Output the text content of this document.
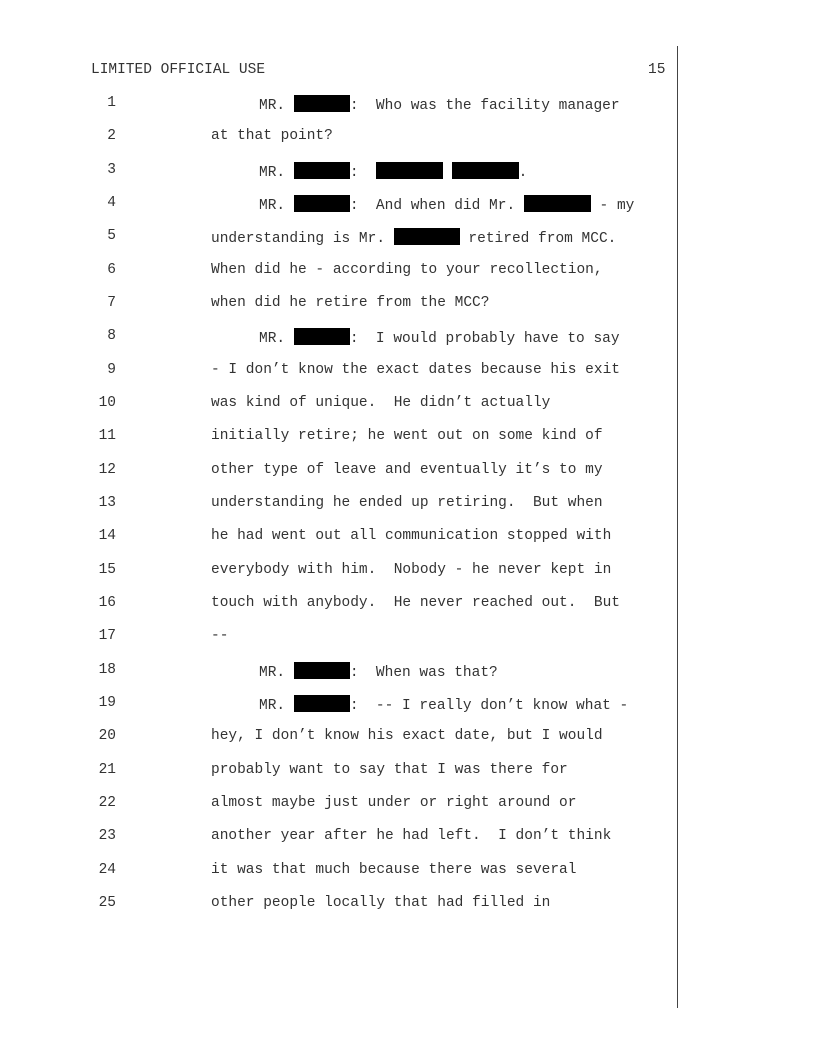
LIMITED OFFICIAL USE	15
1	MR.	:  Who was the facility manager
2	at that point?
3	MR.	:	.
4	MR.	:  And when did Mr.	- my
5	understanding is Mr.	retired from MCC.
6	When did he - according to your recollection,
7	when did he retire from the MCC?
8	MR.	:  I would probably have to say
9	- I don’t know the exact dates because his exit
10	was kind of unique.  He didn’t actually
11	initially retire; he went out on some kind of
12	other type of leave and eventually it’s to my
13	understanding he ended up retiring.  But when
14	he had went out all communication stopped with
15	everybody with him.  Nobody - he never kept in
16	touch with anybody.  He never reached out.  But
17	--
18	MR.	:  When was that?
19	MR.	:  -- I really don’t know what -
20	hey, I don’t know his exact date, but I would
21	probably want to say that I was there for
22	almost maybe just under or right around or
23	another year after he had left.  I don’t think
24	it was that much because there was several
25	other people locally that had filled in
